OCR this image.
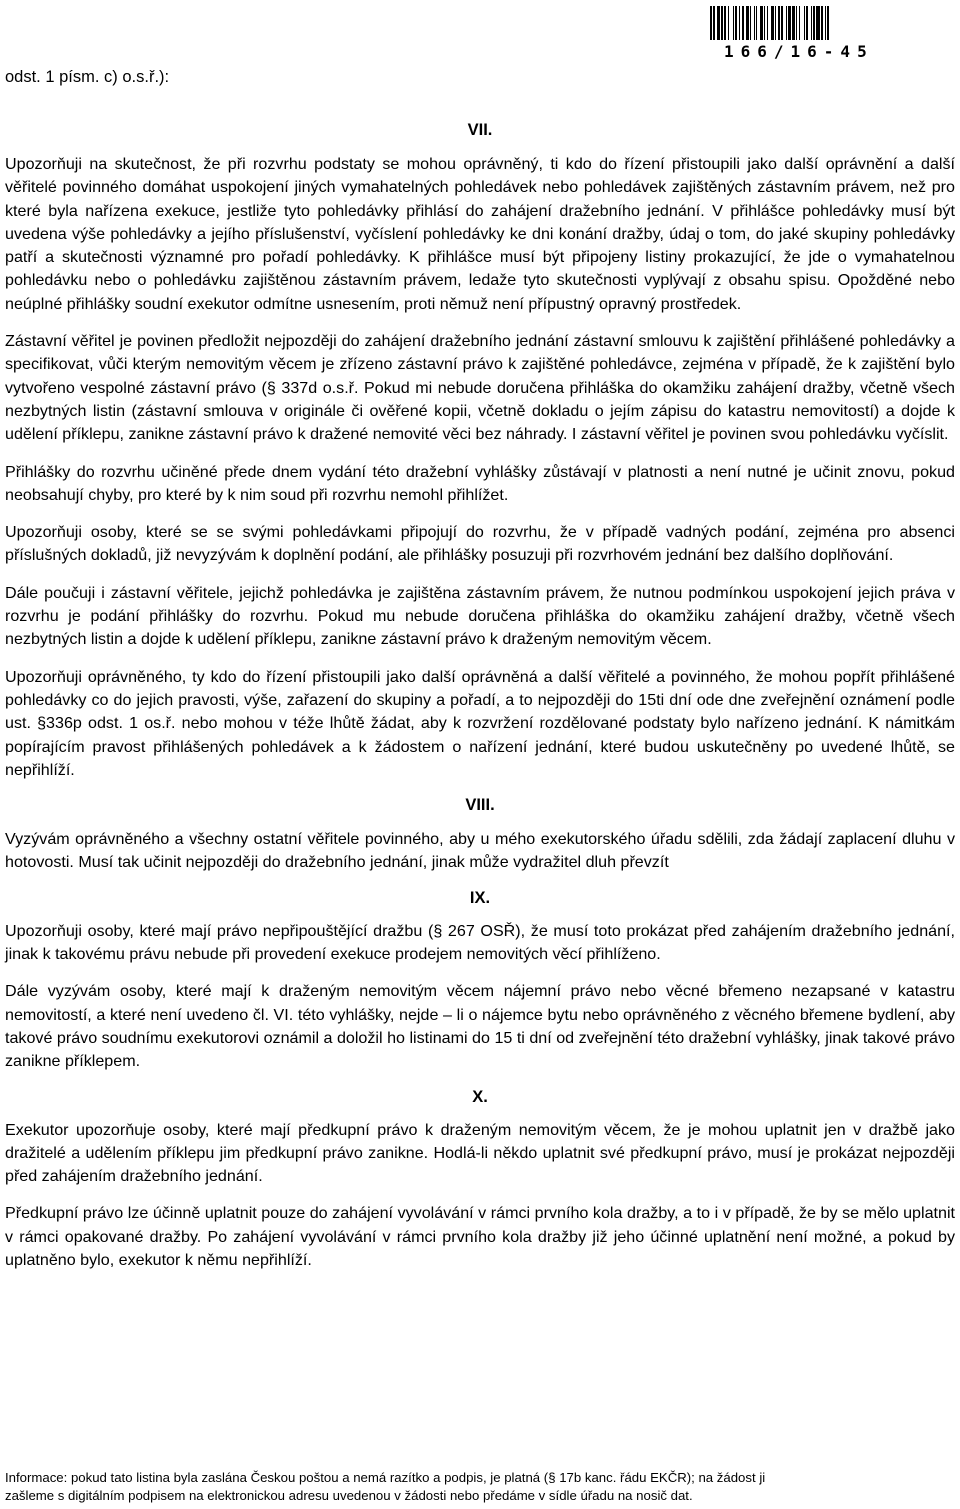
166/16-45
odst. 1 písm. c) o.s.ř.):
VII.

Upozorňuji na skutečnost, že při rozvrhu podstaty se mohou oprávněný, ti kdo do řízení přistoupili jako další oprávnění a další věřitelé povinného domáhat uspokojení jiných vymahatelných pohledávek nebo pohledávek zajištěných zástavním právem, než pro které byla nařízena exekuce, jestliže tyto pohledávky přihlásí do zahájení dražebního jednání. V přihlášce pohledávky musí být uvedena výše pohledávky a jejího příslušenství, vyčíslení pohledávky ke dni konání dražby, údaj o tom, do jaké skupiny pohledávky patří a skutečnosti významné pro pořadí pohledávky. K přihlášce musí být připojeny listiny prokazující, že jde o vymahatelnou pohledávku nebo o pohledávku zajištěnou zástavním právem, ledaže tyto skutečnosti vyplývají z obsahu spisu. Opožděné nebo neúplné přihlášky soudní exekutor odmítne usnesením, proti němuž není přípustný opravný prostředek.

Zástavní věřitel je povinen předložit nejpozději do zahájení dražebního jednání zástavní smlouvu k zajištění přihlášené pohledávky a specifikovat, vůči kterým nemovitým věcem je zřízeno zástavní právo k zajištěné pohledávce, zejména v případě, že k zajištění bylo vytvořeno vespolné zástavní právo (§ 337d o.s.ř. Pokud mi nebude doručena přihláška do okamžiku zahájení dražby, včetně všech nezbytných listin (zástavní smlouva v originále či ověřené kopii, včetně dokladu o jejím zápisu do katastru nemovitostí) a dojde k udělení příklepu, zanikne zástavní právo k dražené nemovité věci bez náhrady. I zástavní věřitel je povinen svou pohledávku vyčíslit.

Přihlášky do rozvrhu učiněné přede dnem vydání této dražební vyhlášky zůstávají v platnosti a není nutné je učinit znovu, pokud neobsahují chyby, pro které by k nim soud při rozvrhu nemohl přihlížet.

Upozorňuji osoby, které se se svými pohledávkami připojují do rozvrhu, že v případě vadných podání, zejména pro absenci příslušných dokladů, již nevyzývám k doplnění podání, ale přihlášky posuzuji při rozvrhovém jednání bez dalšího doplňování.

Dále poučuji i zástavní věřitele, jejichž pohledávka je zajištěna zástavním právem, že nutnou podmínkou uspokojení jejich práva v rozvrhu je podání přihlášky do rozvrhu. Pokud mu nebude doručena přihláška do okamžiku zahájení dražby, včetně všech nezbytných listin a dojde k udělení příklepu, zanikne zástavní právo k draženým nemovitým věcem.

Upozorňuji oprávněného, ty kdo do řízení přistoupili jako další oprávněná a další věřitelé a povinného, že mohou popřít přihlášené pohledávky co do jejich pravosti, výše, zařazení do skupiny a pořadí, a to nejpozději do 15ti dní ode dne zveřejnění oznámení podle ust. §336p odst. 1 os.ř. nebo mohou v téže lhůtě žádat, aby k rozvržení rozdělované podstaty bylo nařízeno jednání. K námitkám popírajícím pravost přihlášených pohledávek a k žádostem o nařízení jednání, které budou uskutečněny po uvedené lhůtě, se nepřihlíží.

VIII.

Vyzývám oprávněného a všechny ostatní věřitele povinného, aby u mého exekutorského úřadu sdělili, zda žádají zaplacení dluhu v hotovosti. Musí tak učinit nejpozději do dražebního jednání, jinak může vydražitel dluh převzít

IX.

Upozorňuji osoby, které mají právo nepřipouštějící dražbu (§ 267 OSŘ), že musí toto prokázat před zahájením dražebního jednání, jinak k takovému právu nebude při provedení exekuce prodejem nemovitých věcí přihlíženo.

Dále vyzývám osoby, které mají k draženým nemovitým věcem nájemní právo nebo věcné břemeno nezapsané v katastru nemovitostí, a které není uvedeno čl. VI. této vyhlášky, nejde – li o nájemce bytu nebo oprávněného z věcného břemene bydlení, aby takové právo soudnímu exekutorovi oznámil a doložil ho listinami do 15 ti dní od zveřejnění této dražební vyhlášky, jinak takové právo zanikne příklepem.

X.

Exekutor upozorňuje osoby, které mají předkupní právo k draženým nemovitým věcem, že je mohou uplatnit jen v dražbě jako dražitelé a udělením příklepu jim předkupní právo zanikne. Hodlá-li někdo uplatnit své předkupní právo, musí je prokázat nejpozději před zahájením dražebního jednání.

Předkupní právo lze účinně uplatnit pouze do zahájení vyvolávání v rámci prvního kola dražby, a to i v případě, že by se mělo uplatnit v rámci opakované dražby. Po zahájení vyvolávání v rámci prvního kola dražby již jeho účinné uplatnění není možné, a pokud by uplatněno bylo, exekutor k němu nepřihlíží.

Informace: pokud tato listina byla zaslána Českou poštou a nemá razítko a podpis, je platná (§ 17b kanc. řádu EKČR); na žádost ji
zašleme s digitálním podpisem na elektronickou adresu uvedenou v žádosti nebo předáme v sídle úřadu na nosič dat.
